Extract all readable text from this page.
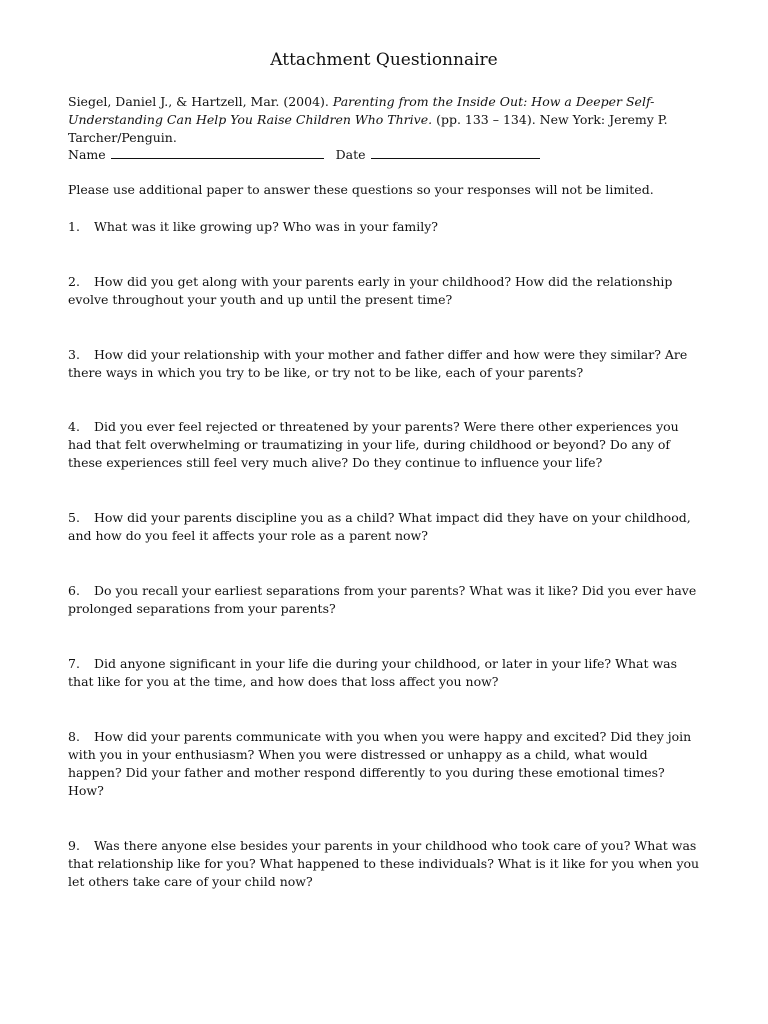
Attachment Questionnaire
Siegel, Daniel J., & Hartzell, Mar. (2004). Parenting from the Inside Out: How a Deeper Self-Understanding Can Help You Raise Children Who Thrive. (pp. 133 – 134). New York: Jeremy P. Tarcher/Penguin.
Name	Date
Please use additional paper to answer these questions so your responses will not be limited.
1. What was it like growing up? Who was in your family?
2. How did you get along with your parents early in your childhood? How did the relationship evolve throughout your youth and up until the present time?
3. How did your relationship with your mother and father differ and how were they similar? Are there ways in which you try to be like, or try not to be like, each of your parents?
4. Did you ever feel rejected or threatened by your parents? Were there other experiences you had that felt overwhelming or traumatizing in your life, during childhood or beyond? Do any of these experiences still feel very much alive? Do they continue to influence your life?
5. How did your parents discipline you as a child? What impact did they have on your childhood, and how do you feel it affects your role as a parent now?
6. Do you recall your earliest separations from your parents? What was it like? Did you ever have prolonged separations from your parents?
7. Did anyone significant in your life die during your childhood, or later in your life? What was that like for you at the time, and how does that loss affect you now?
8. How did your parents communicate with you when you were happy and excited? Did they join with you in your enthusiasm? When you were distressed or unhappy as a child, what would happen? Did your father and mother respond differently to you during these emotional times? How?
9. Was there anyone else besides your parents in your childhood who took care of you? What was that relationship like for you? What happened to these individuals? What is it like for you when you let others take care of your child now?
